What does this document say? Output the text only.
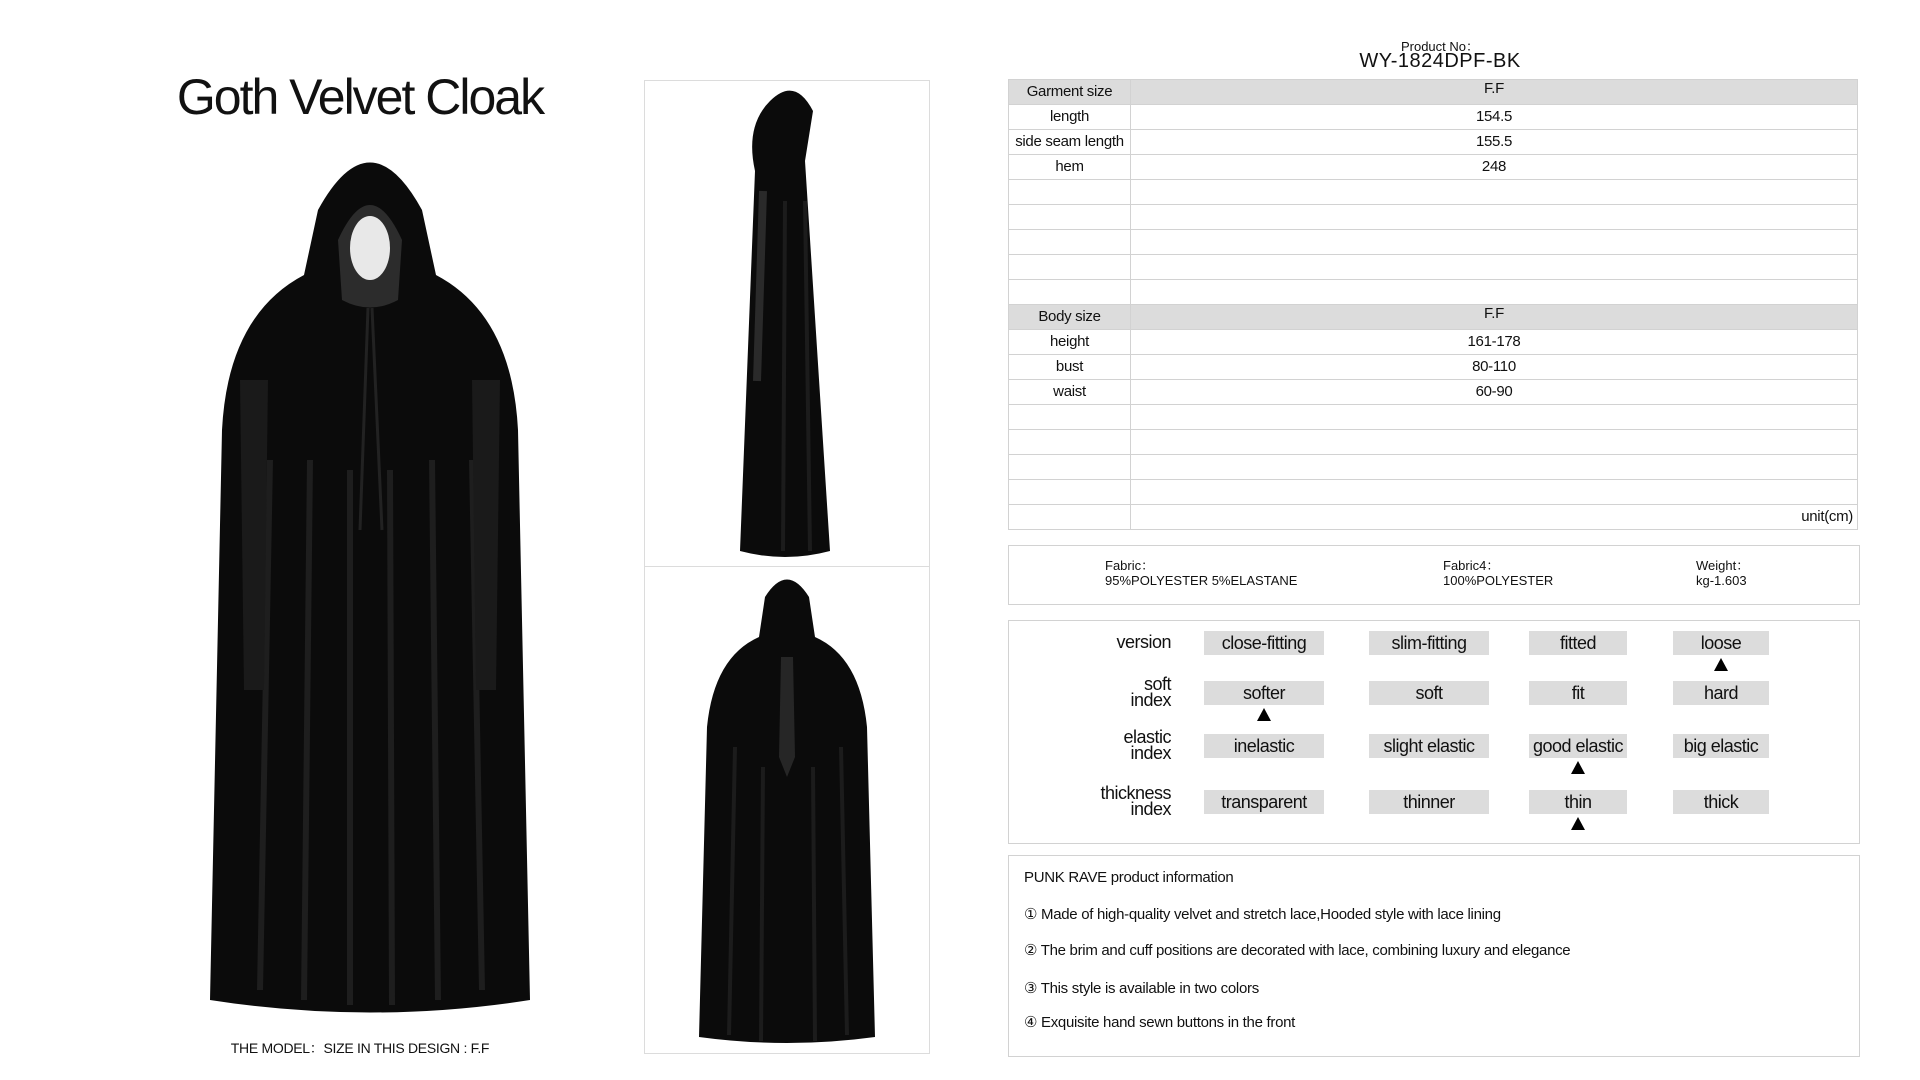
Goth Velvet Cloak
THE MODEL：SIZE IN THIS DESIGN : F.F
Product No：
WY-1824DPF-BK
Garment size	F.F
length	154.5
side seam length	155.5
hem	248

Body size	F.F
height	161-178
bust	80-110
waist	60-90

	unit(cm)
Fabric：
95%POLYESTER 5%ELASTANE
Fabric4：
100%POLYESTER
Weight：
kg-1.603
version	close-fitting	slim-fitting	fitted	loose
soft
index	softer	soft	fit	hard
elastic
index	inelastic	slight elastic	good elastic	big elastic
thickness
index	transparent	thinner	thin	thick
PUNK RAVE product information
① Made of high-quality velvet and stretch lace,Hooded style with lace lining
② The brim and cuff positions are decorated with lace, combining luxury and elegance
③ This style is available in two colors
④ Exquisite hand sewn buttons in the front
